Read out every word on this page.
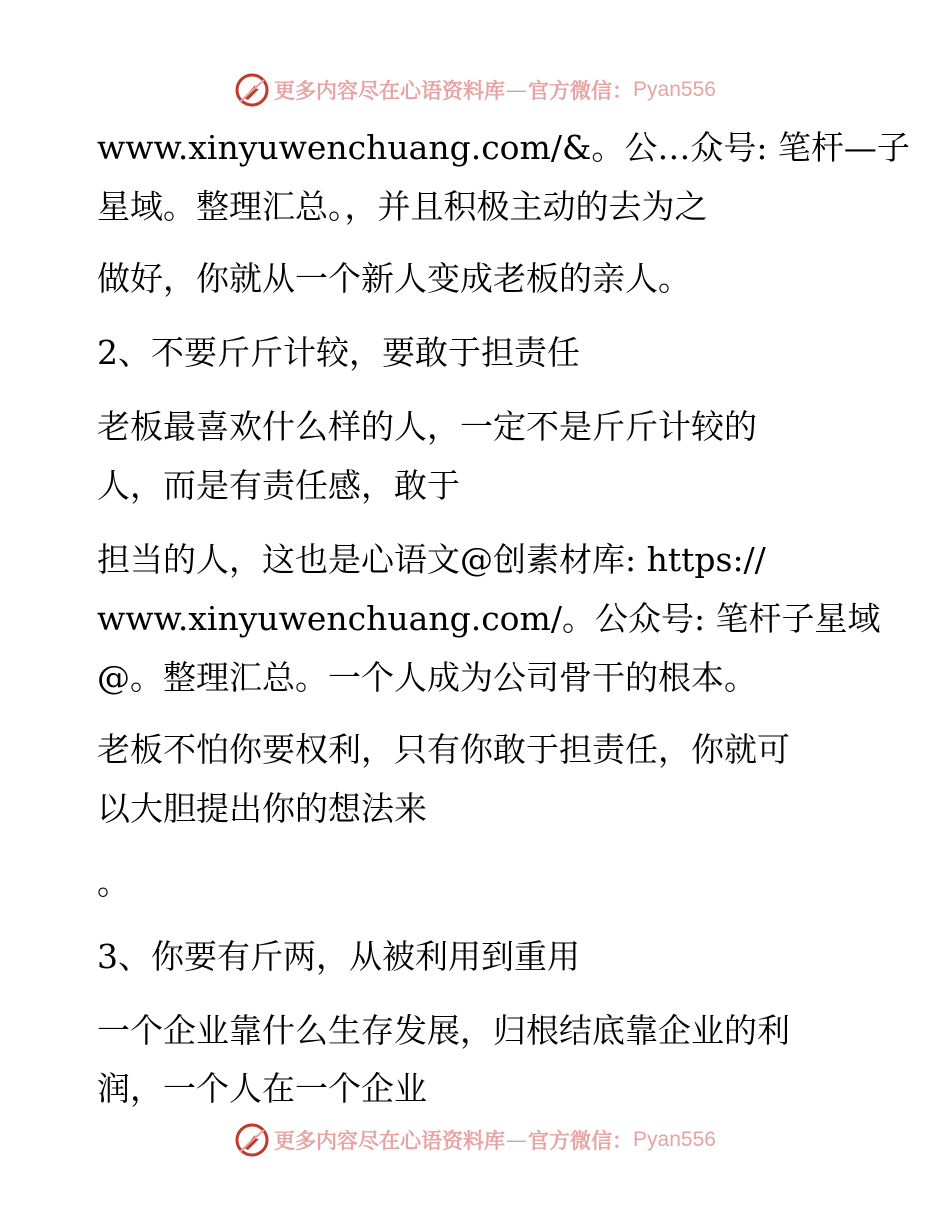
更多内容尽在心语资料库 — 官方微信： Pyan556
www.xinyuwenchuang.com/&。公…众号: 笔杆—子
星域。整理汇总。，并且积极主动的去为之
做好，你就从一个新人变成老板的亲人。
2、不要斤斤计较，要敢于担责任
老板最喜欢什么样的人，一定不是斤斤计较的
人，而是有责任感，敢于
担当的人，这也是心语文@创素材库: https://
www.xinyuwenchuang.com/。公众号: 笔杆子星域
@。整理汇总。一个人成为公司骨干的根本。
老板不怕你要权利，只有你敢于担责任，你就可
以大胆提出你的想法来
。
3、你要有斤两，从被利用到重用
一个企业靠什么生存发展，归根结底靠企业的利
润，一个人在一个企业
更多内容尽在心语资料库 — 官方微信： Pyan556
